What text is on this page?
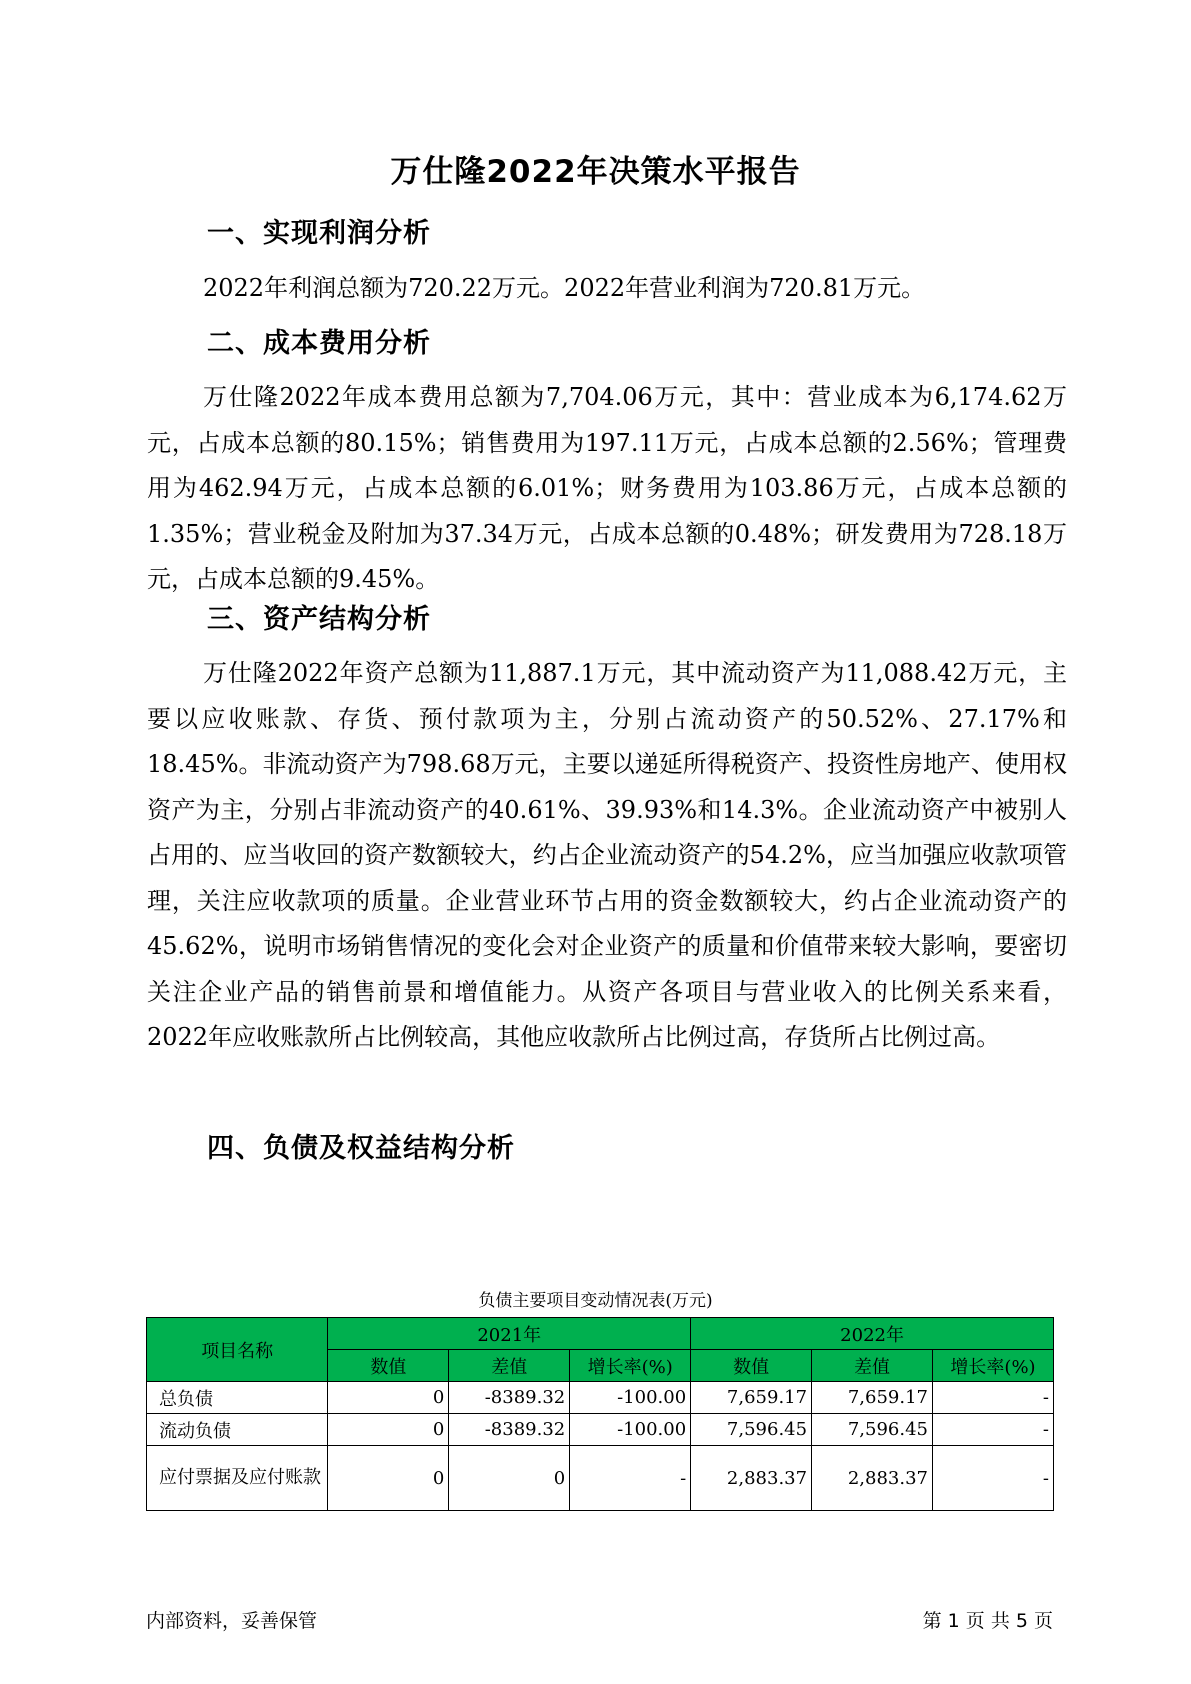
万仕隆2022年决策水平报告
一、实现利润分析

2022年利润总额为720.22万元。2022年营业利润为720.81万元。

二、成本费用分析

万仕隆2022年成本费用总额为7,704.06万元，其中：营业成本为6,174.62万元，占成本总额的80.15%；销售费用为197.11万元，占成本总额的2.56%；管理费用为462.94万元，占成本总额的6.01%；财务费用为103.86万元，占成本总额的1.35%；营业税金及附加为37.34万元，占成本总额的0.48%；研发费用为728.18万元，占成本总额的9.45%。

三、资产结构分析

万仕隆2022年资产总额为11,887.1万元，其中流动资产为11,088.42万元，主要以应收账款、存货、预付款项为主，分别占流动资产的50.52%、27.17%和18.45%。非流动资产为798.68万元，主要以递延所得税资产、投资性房地产、使用权资产为主，分别占非流动资产的40.61%、39.93%和14.3%。企业流动资产中被别人占用的、应当收回的资产数额较大，约占企业流动资产的54.2%，应当加强应收款项管理，关注应收款项的质量。企业营业环节占用的资金数额较大，约占企业流动资产的45.62%，说明市场销售情况的变化会对企业资产的质量和价值带来较大影响，要密切关注企业产品的销售前景和增值能力。从资产各项目与营业收入的比例关系来看，2022年应收账款所占比例较高，其他应收款所占比例过高，存货所占比例过高。

四、负债及权益结构分析
负债主要项目变动情况表(万元)
项目名称	2021年			2022年		
	数值	差值	增长率(%)	数值	差值	增长率(%)
总负债	0	-8389.32	-100.00	7,659.17	7,659.17	-
流动负债	0	-8389.32	-100.00	7,596.45	7,596.45	-
应付票据及应付账款	0	0	-	2,883.37	2,883.37	-
内部资料，妥善保管	第 1 页 共 5 页
